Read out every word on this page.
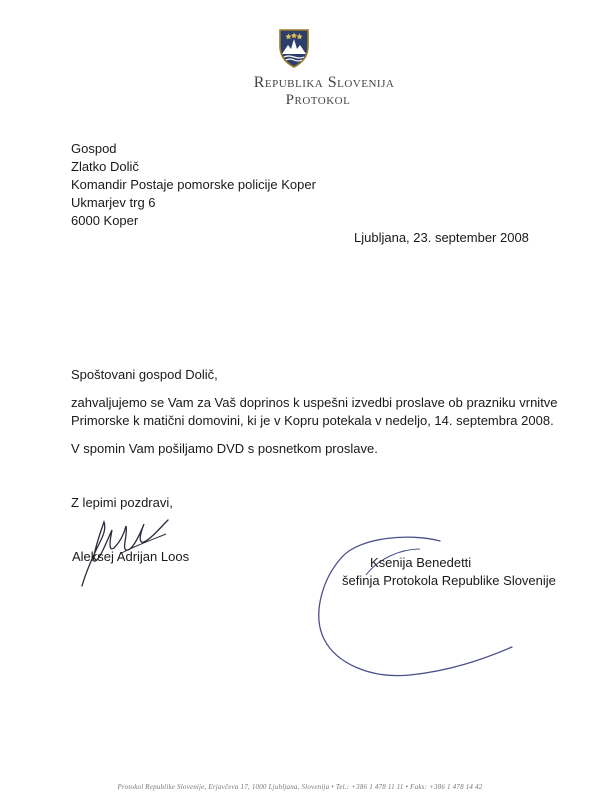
Republika Slovenija
Protokol
Gospod
Zlatko Dolič
Komandir Postaje pomorske policije Koper
Ukmarjev trg 6
6000 Koper
Ljubljana, 23. september 2008
Spoštovani gospod Dolič,
zahvaljujemo se Vam za Vaš doprinos k uspešni izvedbi proslave ob prazniku vrnitve
Primorske k matični domovini, ki je v Kopru potekala v nedeljo, 14. septembra 2008.
V spomin Vam pošiljamo DVD s posnetkom proslave.
Z lepimi pozdravi,
Aleksej Adrijan Loos	Ksenija Benedetti
šefinja Protokola Republike Slovenije
Protokol Republike Slovenije, Erjavčeva 17, 1000 Ljubljana, Slovenija • Tel.: +386 1 478 11 11 • Faks: +386 1 478 14 42
